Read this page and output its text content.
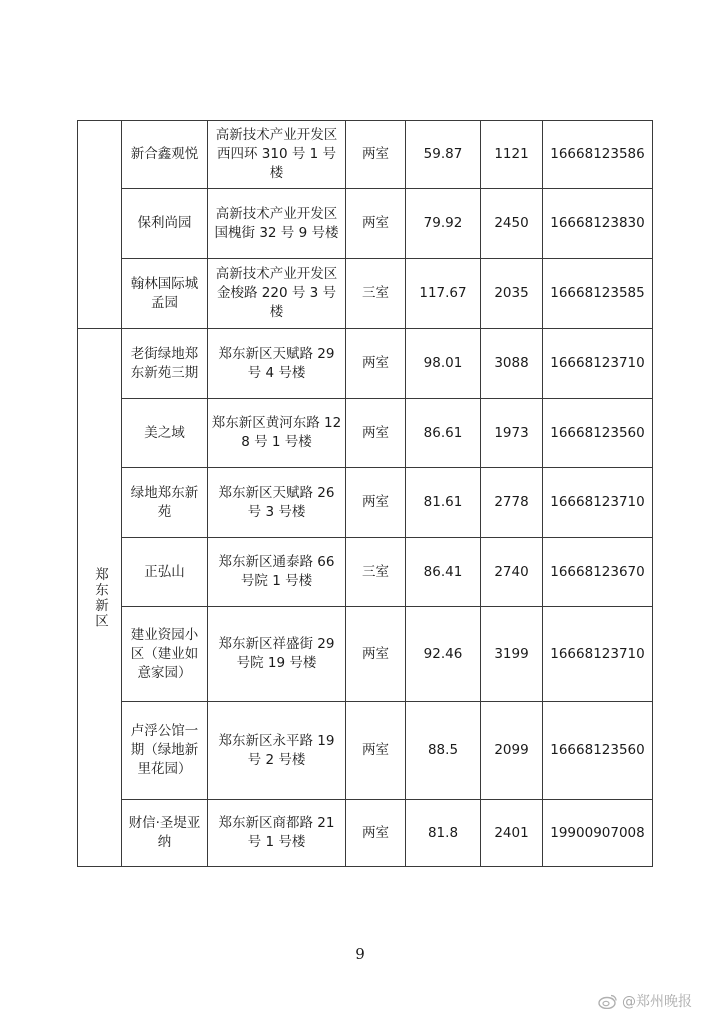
	新合鑫观悦	高新技术产业开发区西四环 310 号 1 号楼	两室	59.87	1121	16668123586
	保利尚园	高新技术产业开发区国槐街 32 号 9 号楼	两室	79.92	2450	16668123830
	翰林国际城孟园	高新技术产业开发区金梭路 220 号 3 号楼	三室	117.67	2035	16668123585
郑东新区	老街绿地郑东新苑三期	郑东新区天赋路 29 号 4 号楼	两室	98.01	3088	16668123710
	美之域	郑东新区黄河东路 128 号 1 号楼	两室	86.61	1973	16668123560
	绿地郑东新苑	郑东新区天赋路 26 号 3 号楼	两室	81.61	2778	16668123710
	正弘山	郑东新区通泰路 66 号院 1 号楼	三室	86.41	2740	16668123670
	建业资园小区（建业如意家园）	郑东新区祥盛街 29 号院 19 号楼	两室	92.46	3199	16668123710
	卢浮公馆一期（绿地新里花园）	郑东新区永平路 19 号 2 号楼	两室	88.5	2099	16668123560
	财信·圣堤亚纳	郑东新区商都路 21 号 1 号楼	两室	81.8	2401	19900907008
9
@郑州晚报
